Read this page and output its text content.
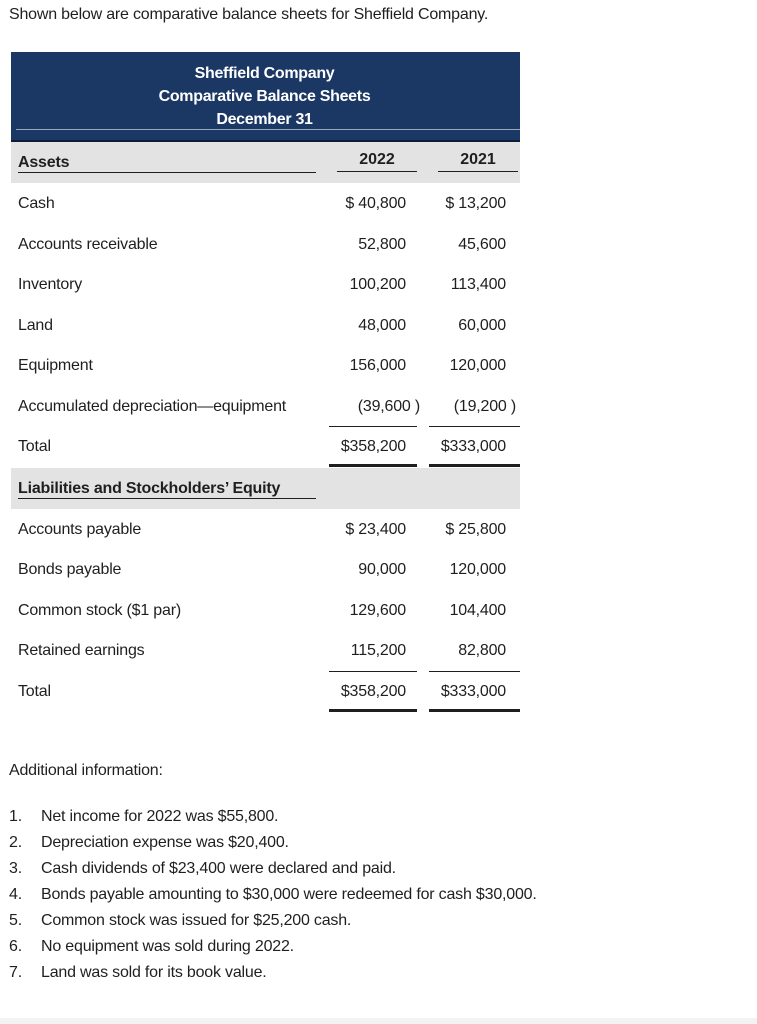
Shown below are comparative balance sheets for Sheffield Company.
Sheffield Company
Comparative Balance Sheets
December 31
Assets	2022	2021
Cash	$ 40,800 $ 13,200
Accounts receivable	52,800	45,600
Inventory	100,200	113,400
Land	48,000	60,000
Equipment	156,000	120,000
Accumulated depreciation—equipment	(39,600 ) (19,200 )
Total	$358,200 $333,000
Liabilities and Stockholders’ Equity
Accounts payable	$ 23,400 $ 25,800
Bonds payable	90,000	120,000
Common stock ($1 par)	129,600	104,400
Retained earnings	115,200	82,800
Total	$358,200 $333,000
Additional information:
1.	Net income for 2022 was $55,800.
2.	Depreciation expense was $20,400.
3.	Cash dividends of $23,400 were declared and paid.
4.	Bonds payable amounting to $30,000 were redeemed for cash $30,000.
5.	Common stock was issued for $25,200 cash.
6.	No equipment was sold during 2022.
7.	Land was sold for its book value.
